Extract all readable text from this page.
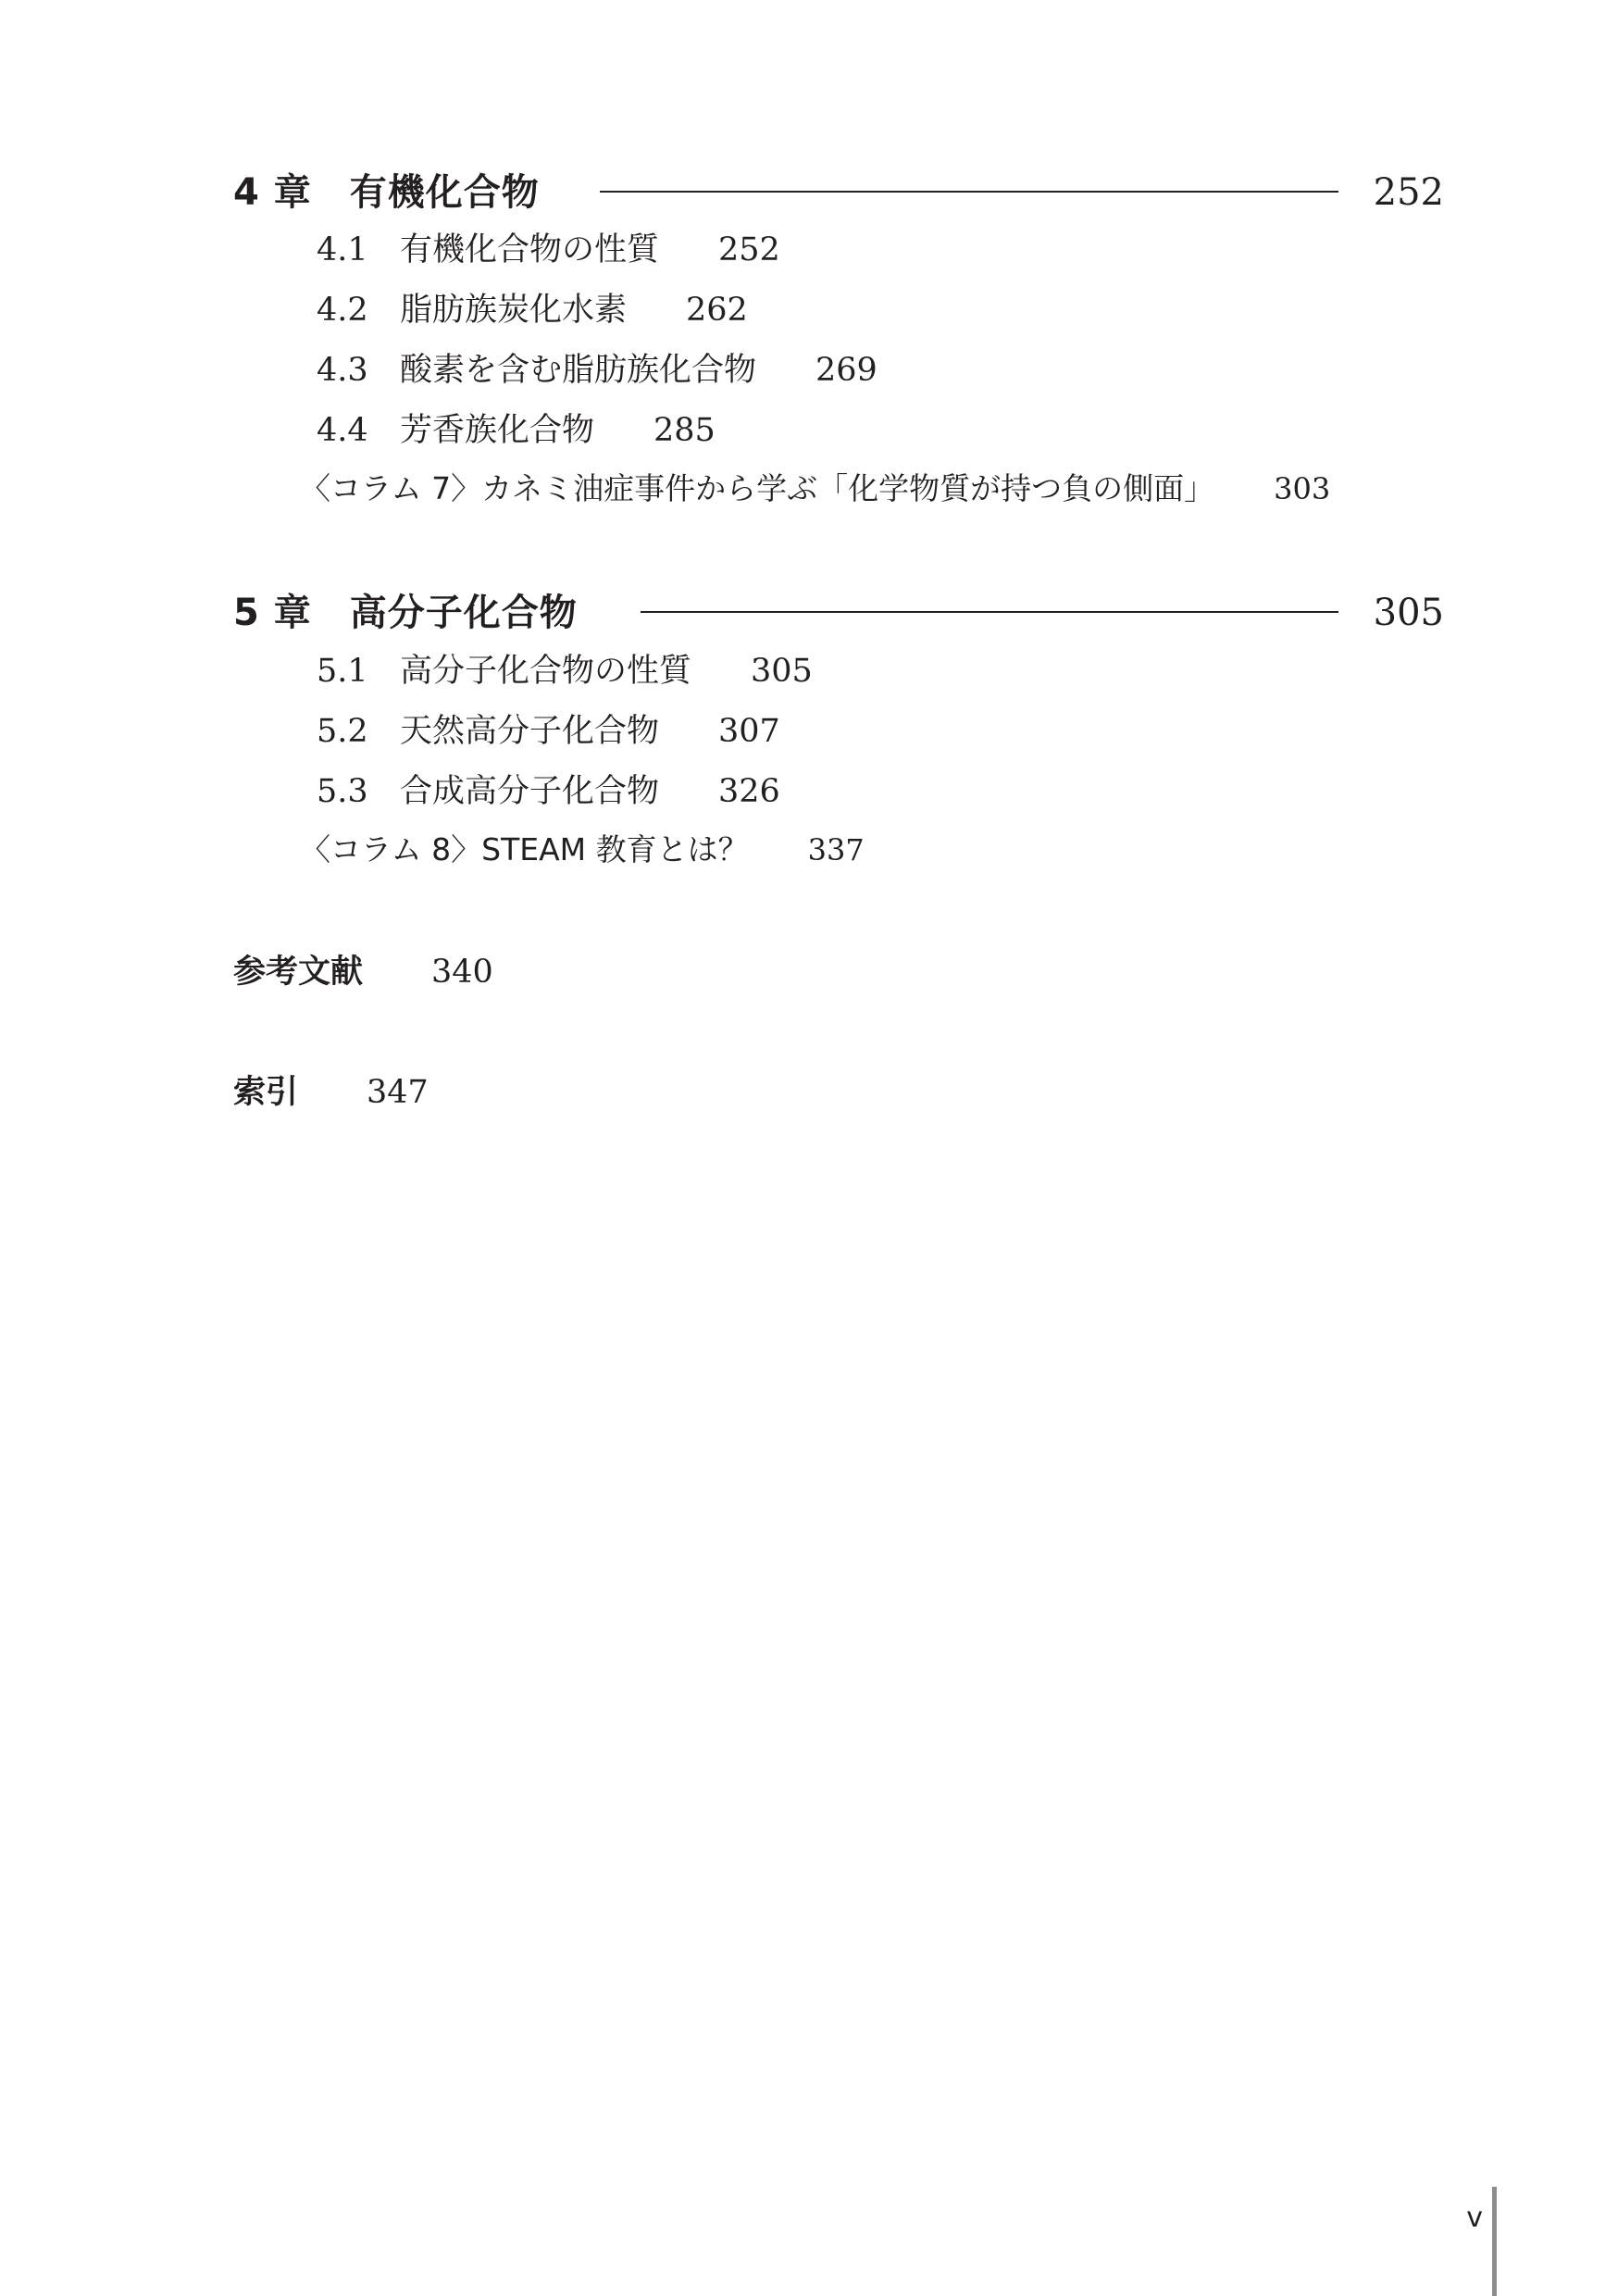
4 章　有機化合物	252
4.1 有機化合物の性質 252
4.2 脂肪族炭化水素 262
4.3 酸素を含む脂肪族化合物 269
4.4 芳香族化合物 285
〈コラム 7〉カネミ油症事件から学ぶ「化学物質が持つ負の側面」 303
5 章　高分子化合物	305
5.1 高分子化合物の性質 305
5.2 天然高分子化合物 307
5.3 合成高分子化合物 326
〈コラム 8〉STEAM 教育とは？ 337
参考文献 340
索引 347
v
